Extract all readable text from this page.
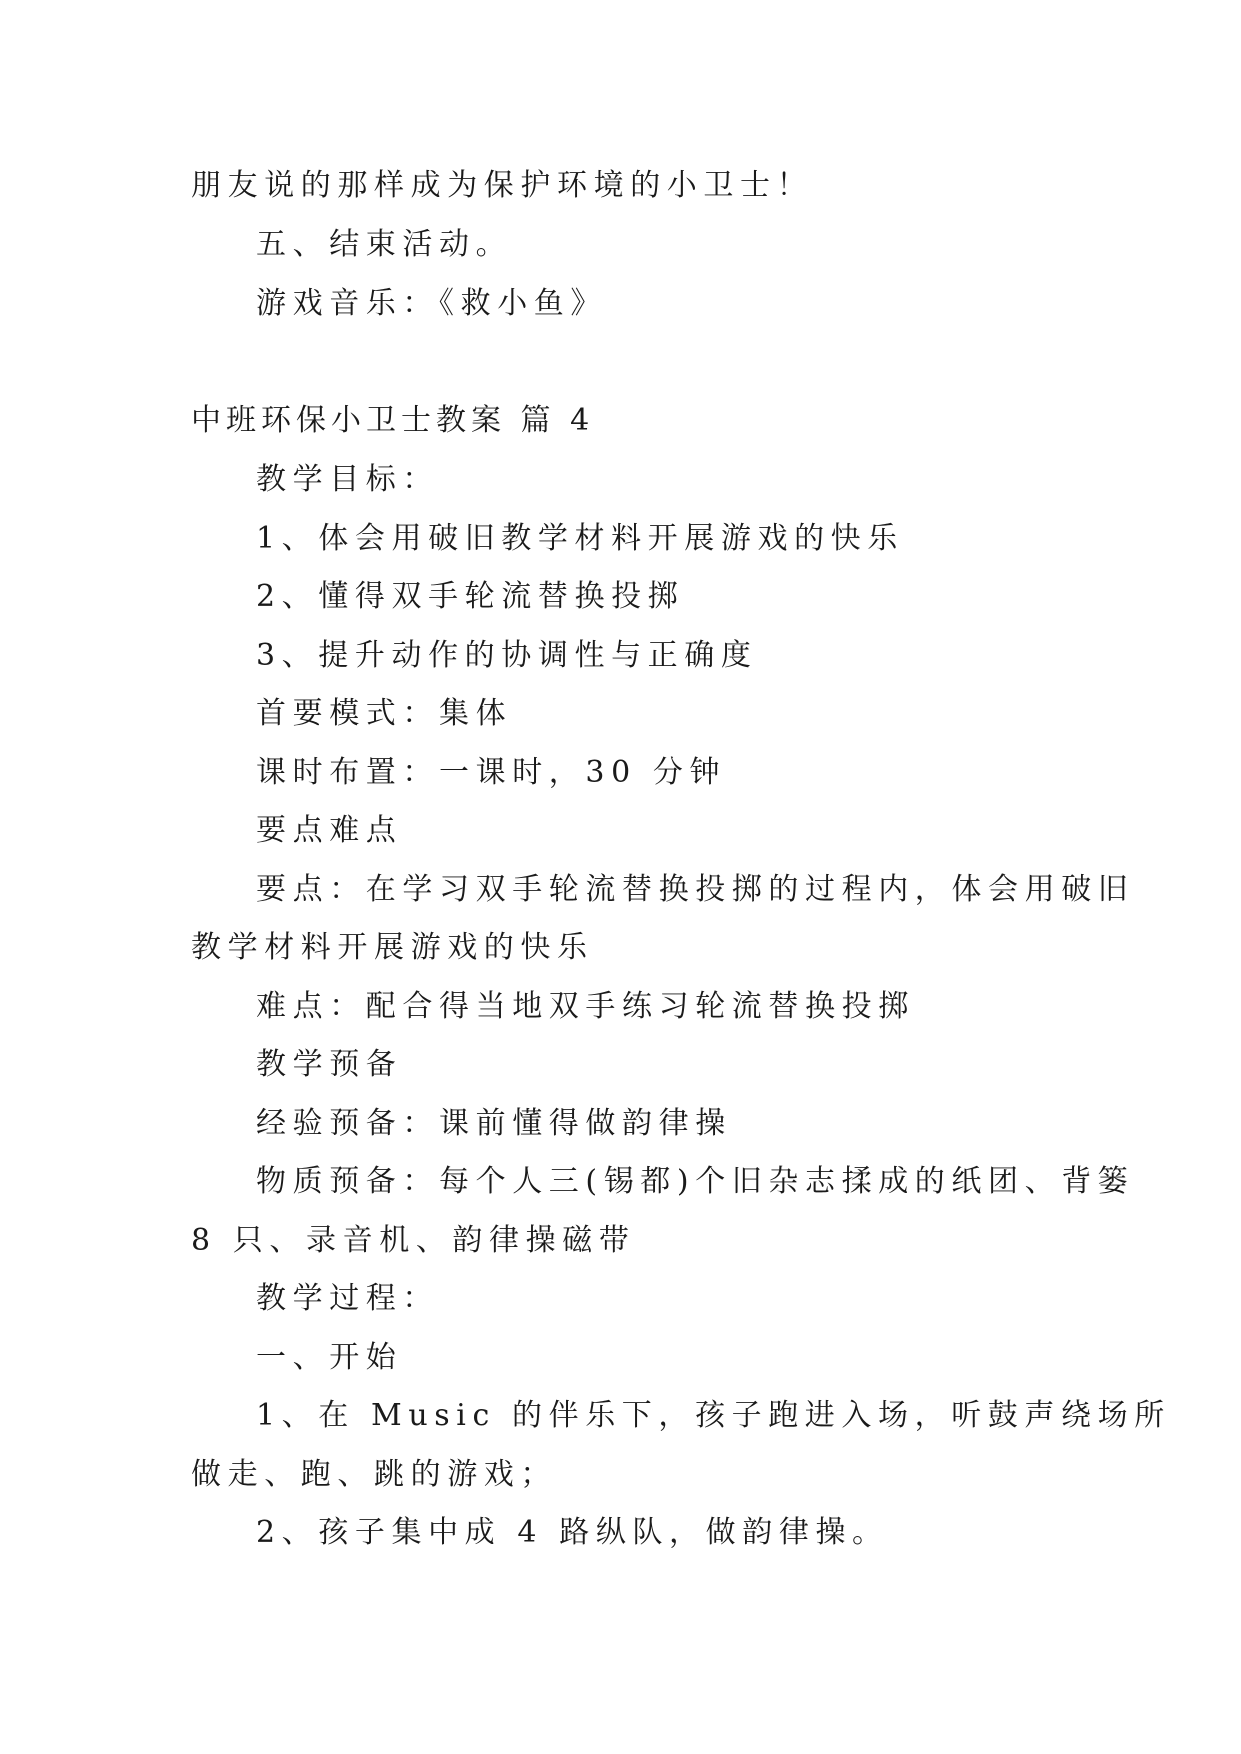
朋友说的那样成为保护环境的小卫士！
五、结束活动。
游戏音乐：《救小鱼》
中班环保小卫士教案 篇 4
教学目标：
1、体会用破旧教学材料开展游戏的快乐
2、懂得双手轮流替换投掷
3、提升动作的协调性与正确度
首要模式：集体
课时布置：一课时，30 分钟
要点难点
要点：在学习双手轮流替换投掷的过程内，体会用破旧
教学材料开展游戏的快乐
难点：配合得当地双手练习轮流替换投掷
教学预备
经验预备：课前懂得做韵律操
物质预备：每个人三(锡都)个旧杂志揉成的纸团、背篓
8 只、录音机、韵律操磁带
教学过程：
一、开始
1、在 Music 的伴乐下，孩子跑进入场，听鼓声绕场所
做走、跑、跳的游戏；
2、孩子集中成 4 路纵队，做韵律操。
